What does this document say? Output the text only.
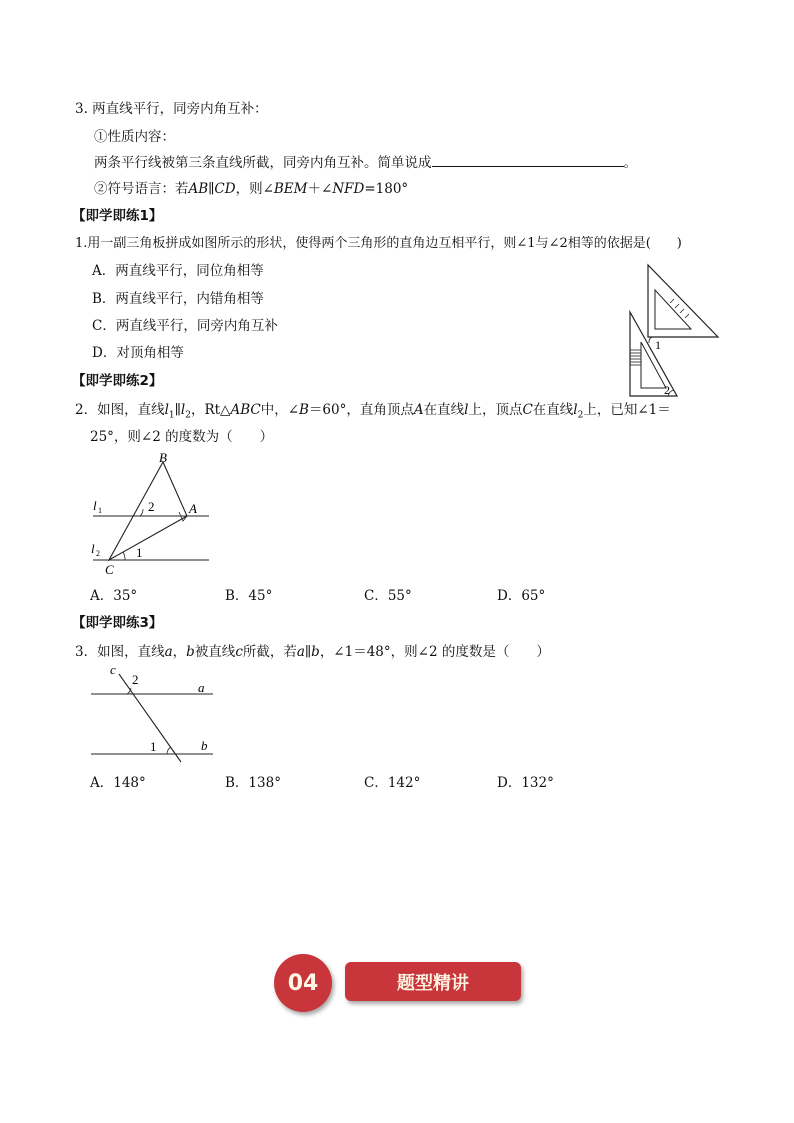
3. 两直线平行，同旁内角互补：
①性质内容：
两条平行线被第三条直线所截，同旁内角互补。简单说成	。
②符号语言：若AB∥CD，则∠BEM＋∠NFD=180°
【即学即练1】
1.用一副三角板拼成如图所示的形状，使得两个三角形的直角边互相平行，则∠1与∠2相等的依据是(　　)
A．两直线平行，同位角相等
B．两直线平行，内错角相等
C．两直线平行，同旁内角互补
D．对顶角相等	1
2
【即学即练2】
2．如图，直线$l_1\parallel l_2$，Rt△ABC中，∠B＝60°，直角顶点A在直线l上，顶点C在直线$l_2$上，已知∠1＝
25°，则∠2 的度数为（　　）
B
A
C
l 1
l 2	1
2
A．35°	B．45°	C．55°	D．65°
【即学即练3】
3．如图，直线a，b被直线c所截，若a∥b，∠1＝48°，则∠2 的度数是（　　）
c
2
a
1	b
A．148°	B．138°	C．142°	D．132°
04	题型精讲
